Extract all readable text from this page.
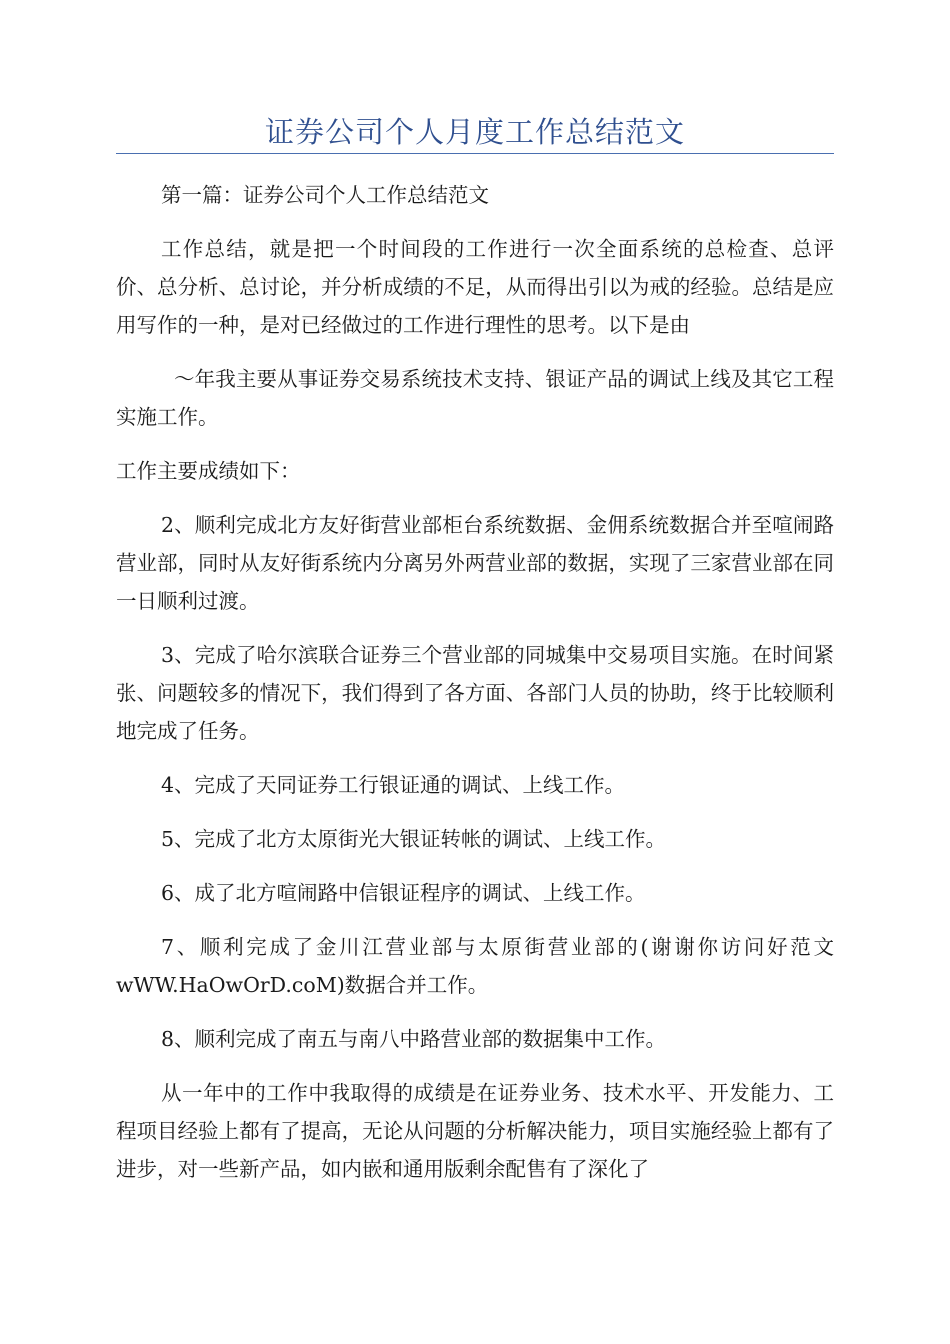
证券公司个人月度工作总结范文

第一篇：证券公司个人工作总结范文

工作总结，就是把一个时间段的工作进行一次全面系统的总检查、总评价、总分析、总讨论，并分析成绩的不足，从而得出引以为戒的经验。总结是应用写作的一种，是对已经做过的工作进行理性的思考。以下是由

～年我主要从事证券交易系统技术支持、银证产品的调试上线及其它工程实施工作。

工作主要成绩如下：

2、顺利完成北方友好街营业部柜台系统数据、金佣系统数据合并至喧闹路营业部，同时从友好街系统内分离另外两营业部的数据，实现了三家营业部在同一日顺利过渡。

3、完成了哈尔滨联合证券三个营业部的同城集中交易项目实施。在时间紧张、问题较多的情况下，我们得到了各方面、各部门人员的协助，终于比较顺利地完成了任务。

4、完成了天同证券工行银证通的调试、上线工作。

5、完成了北方太原街光大银证转帐的调试、上线工作。

6、成了北方喧闹路中信银证程序的调试、上线工作。

7、顺利完成了金川江营业部与太原街营业部的(谢谢你访问好范文wWW.HaOwOrD.coM)数据合并工作。

8、顺利完成了南五与南八中路营业部的数据集中工作。

从一年中的工作中我取得的成绩是在证券业务、技术水平、开发能力、工程项目经验上都有了提高，无论从问题的分析解决能力，项目实施经验上都有了进步，对一些新产品，如内嵌和通用版剩余配售有了深化了
